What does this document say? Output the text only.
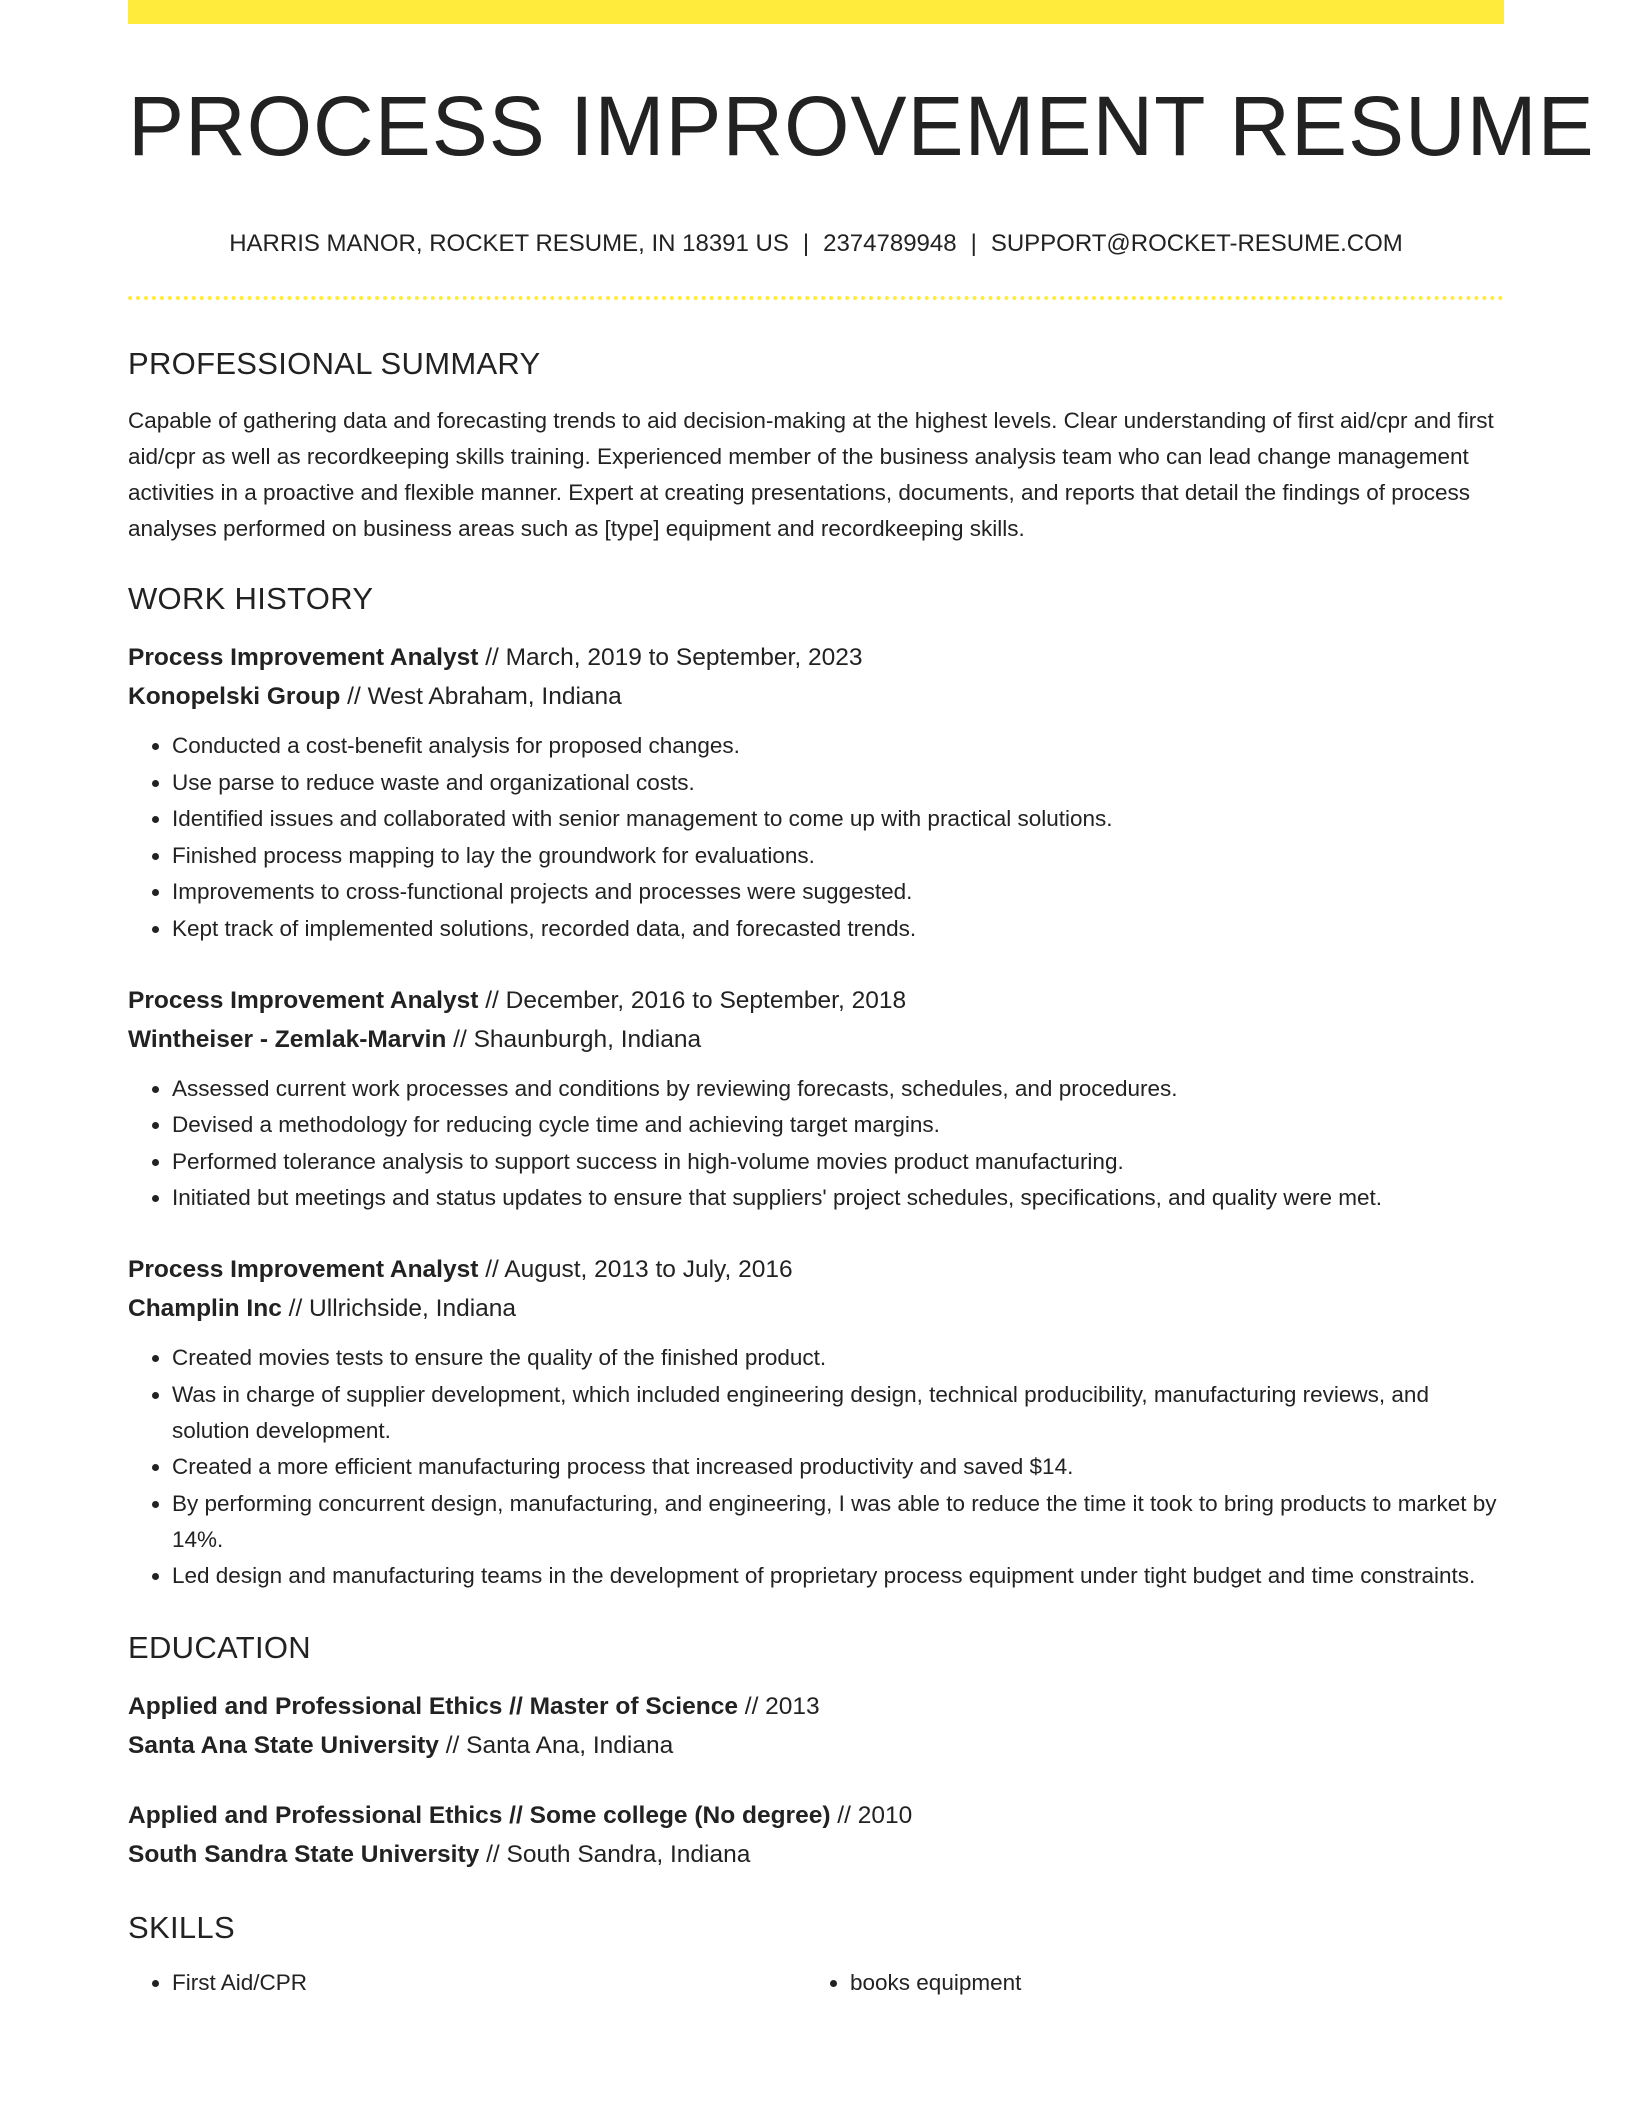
PROCESS IMPROVEMENT RESUME
HARRIS MANOR, ROCKET RESUME, IN 18391 US | 2374789948 | SUPPORT@ROCKET-RESUME.COM
PROFESSIONAL SUMMARY

Capable of gathering data and forecasting trends to aid decision-making at the highest levels. Clear understanding of first aid/cpr and first aid/cpr as well as recordkeeping skills training. Experienced member of the business analysis team who can lead change management activities in a proactive and flexible manner. Expert at creating presentations, documents, and reports that detail the findings of process analyses performed on business areas such as [type] equipment and recordkeeping skills.

WORK HISTORY
Process Improvement Analyst // March, 2019 to September, 2023
Konopelski Group // West Abraham, Indiana
• Conducted a cost-benefit analysis for proposed changes.
• Use parse to reduce waste and organizational costs.
• Identified issues and collaborated with senior management to come up with practical solutions.
• Finished process mapping to lay the groundwork for evaluations.
• Improvements to cross-functional projects and processes were suggested.
• Kept track of implemented solutions, recorded data, and forecasted trends.
Process Improvement Analyst // December, 2016 to September, 2018
Wintheiser - Zemlak-Marvin // Shaunburgh, Indiana
• Assessed current work processes and conditions by reviewing forecasts, schedules, and procedures.
• Devised a methodology for reducing cycle time and achieving target margins.
• Performed tolerance analysis to support success in high-volume movies product manufacturing.
• Initiated but meetings and status updates to ensure that suppliers' project schedules, specifications, and quality were met.
Process Improvement Analyst // August, 2013 to July, 2016
Champlin Inc // Ullrichside, Indiana
• Created movies tests to ensure the quality of the finished product.
• Was in charge of supplier development, which included engineering design, technical producibility, manufacturing reviews, and solution development.
• Created a more efficient manufacturing process that increased productivity and saved $14.
• By performing concurrent design, manufacturing, and engineering, I was able to reduce the time it took to bring products to market by 14%.
• Led design and manufacturing teams in the development of proprietary process equipment under tight budget and time constraints.
EDUCATION
Applied and Professional Ethics // Master of Science // 2013
Santa Ana State University // Santa Ana, Indiana
Applied and Professional Ethics // Some college (No degree) // 2010
South Sandra State University // South Sandra, Indiana
SKILLS
• First Aid/CPR
•	books equipment
